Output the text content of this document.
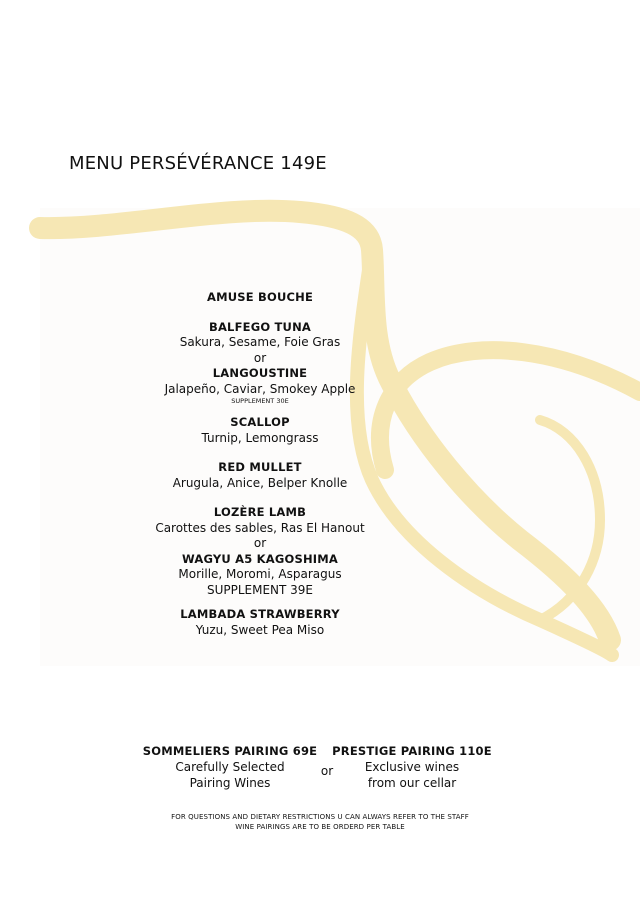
MENU PERSÉVÉRANCE 149E
AMUSE BOUCHE
BALFEGO TUNA
Sakura, Sesame, Foie Gras
or
LANGOUSTINE
Jalapeño, Caviar, Smokey Apple
SUPPLEMENT 30E
SCALLOP
Turnip, Lemongrass
RED MULLET
Arugula, Anice, Belper Knolle
LOZÈRE LAMB
Carottes des sables, Ras El Hanout
or
WAGYU A5 KAGOSHIMA
Morille, Moromi, Asparagus
SUPPLEMENT 39E
LAMBADA STRAWBERRY
Yuzu, Sweet Pea Miso
SOMMELIERS PAIRING 69E
Carefully Selected
Pairing Wines
or
PRESTIGE PAIRING 110E
Exclusive wines
from our cellar
FOR QUESTIONS AND DIETARY RESTRICTIONS U CAN ALWAYS REFER TO THE STAFF
WINE PAIRINGS ARE TO BE ORDERD PER TABLE
